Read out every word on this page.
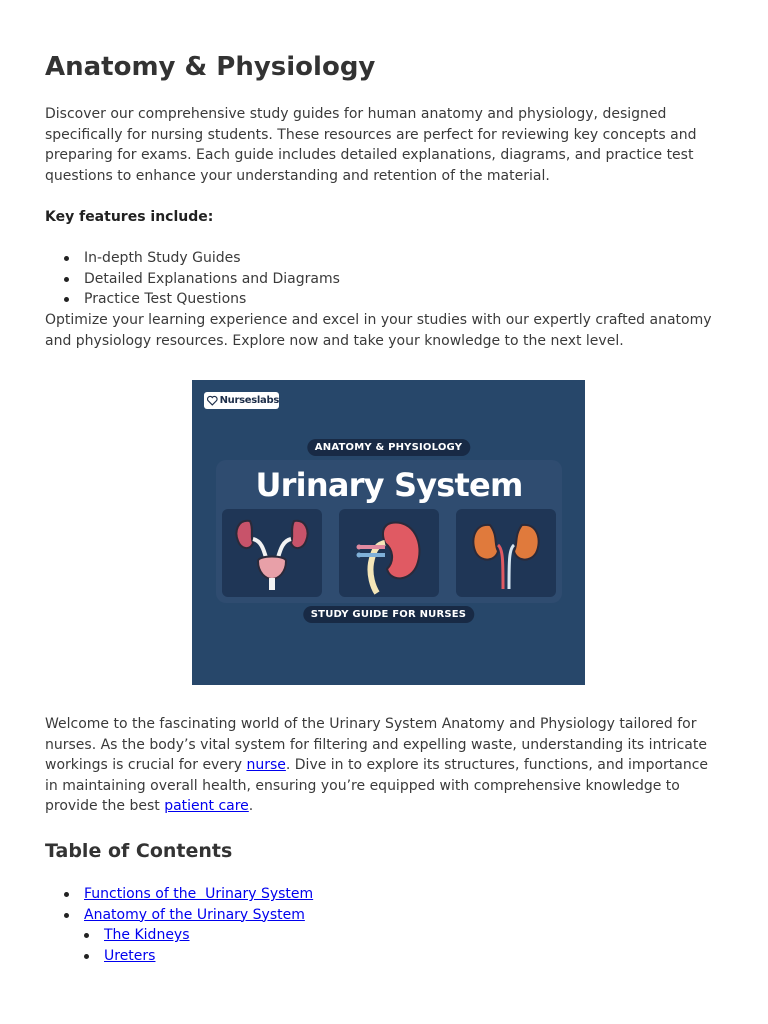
Anatomy & Physiology

Discover our comprehensive study guides for human anatomy and physiology, designed specifically for nursing students. These resources are perfect for reviewing key concepts and preparing for exams. Each guide includes detailed explanations, diagrams, and practice test questions to enhance your understanding and retention of the material.

Key features include:

In-depth Study Guides
Detailed Explanations and Diagrams
Practice Test Questions

Optimize your learning experience and excel in your studies with our expertly crafted anatomy and physiology resources. Explore now and take your knowledge to the next level.

Nurseslabs
ANATOMY & PHYSIOLOGY
Urinary System
STUDY GUIDE FOR NURSES

Welcome to the fascinating world of the Urinary System Anatomy and Physiology tailored for nurses. As the body’s vital system for filtering and expelling waste, understanding its intricate workings is crucial for every nurse. Dive in to explore its structures, functions, and importance in maintaining overall health, ensuring you’re equipped with comprehensive knowledge to provide the best patient care.

Table of Contents
Functions of the  Urinary System
Anatomy of the Urinary System
The Kidneys
Ureters
